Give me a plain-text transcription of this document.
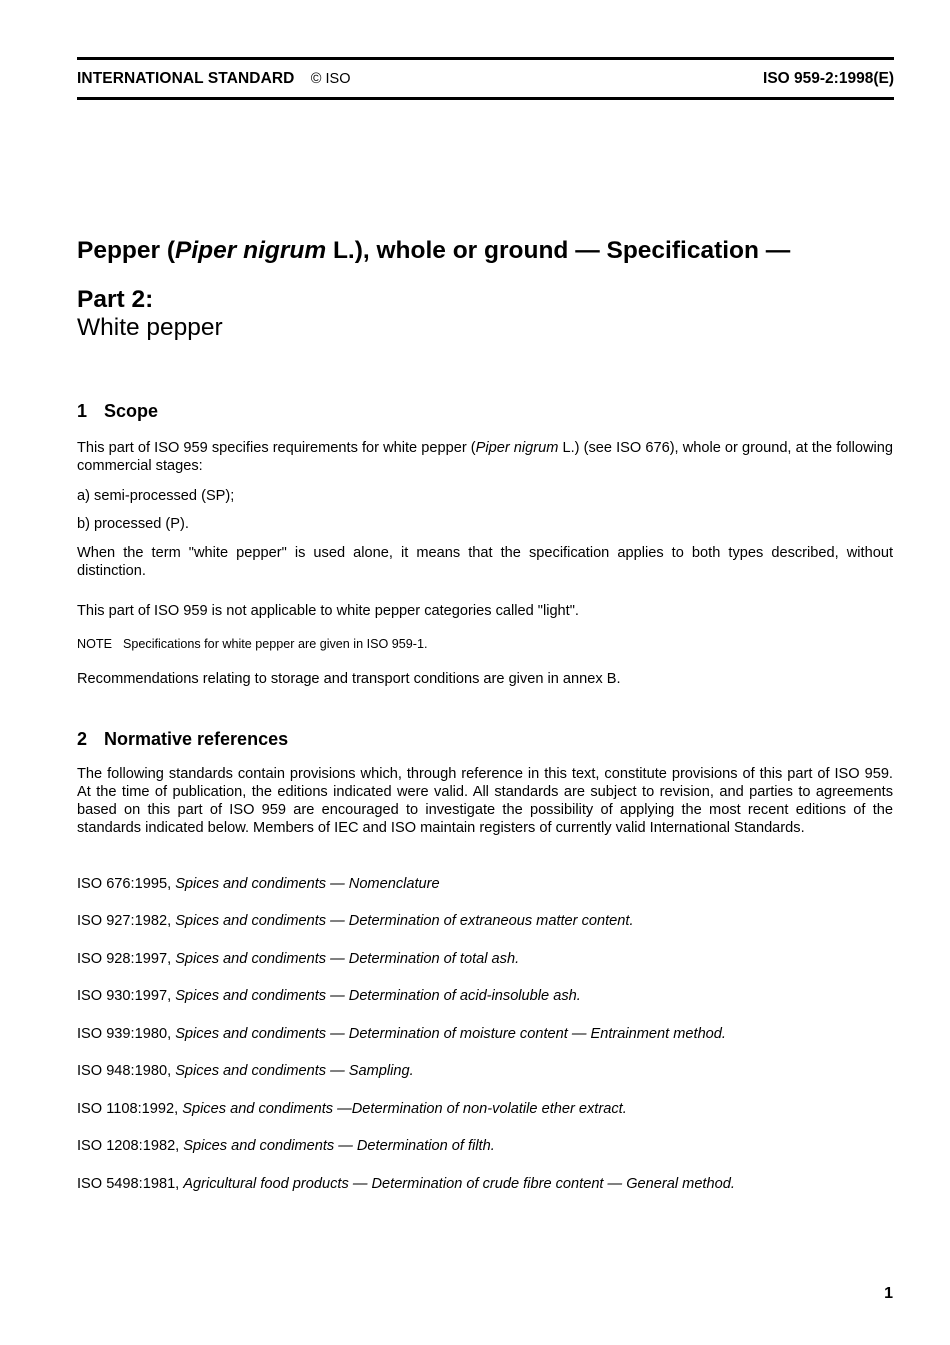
INTERNATIONAL STANDARD © ISO	ISO 959-2:1998(E)
Pepper (Piper nigrum L.), whole or ground — Specification —
Part 2:
White pepper
1 Scope
This part of ISO 959 specifies requirements for white pepper (Piper nigrum L.) (see ISO 676), whole or ground, at the following commercial stages:
a) semi-processed (SP);
b) processed (P).
When the term "white pepper" is used alone, it means that the specification applies to both types described, without distinction.
This part of ISO 959 is not applicable to white pepper categories called "light".
NOTE Specifications for white pepper are given in ISO 959-1.
Recommendations relating to storage and transport conditions are given in annex B.
2 Normative references
The following standards contain provisions which, through reference in this text, constitute provisions of this part of ISO 959. At the time of publication, the editions indicated were valid. All standards are subject to revision, and parties to agreements based on this part of ISO 959 are encouraged to investigate the possibility of applying the most recent editions of the standards indicated below. Members of IEC and ISO maintain registers of currently valid International Standards.
ISO 676:1995, Spices and condiments — Nomenclature
ISO 927:1982, Spices and condiments — Determination of extraneous matter content.
ISO 928:1997, Spices and condiments — Determination of total ash.
ISO 930:1997, Spices and condiments — Determination of acid-insoluble ash.
ISO 939:1980, Spices and condiments — Determination of moisture content — Entrainment method.
ISO 948:1980, Spices and condiments — Sampling.
ISO 1108:1992, Spices and condiments —Determination of non-volatile ether extract.
ISO 1208:1982, Spices and condiments — Determination of filth.
ISO 5498:1981, Agricultural food products — Determination of crude fibre content — General method.
1
